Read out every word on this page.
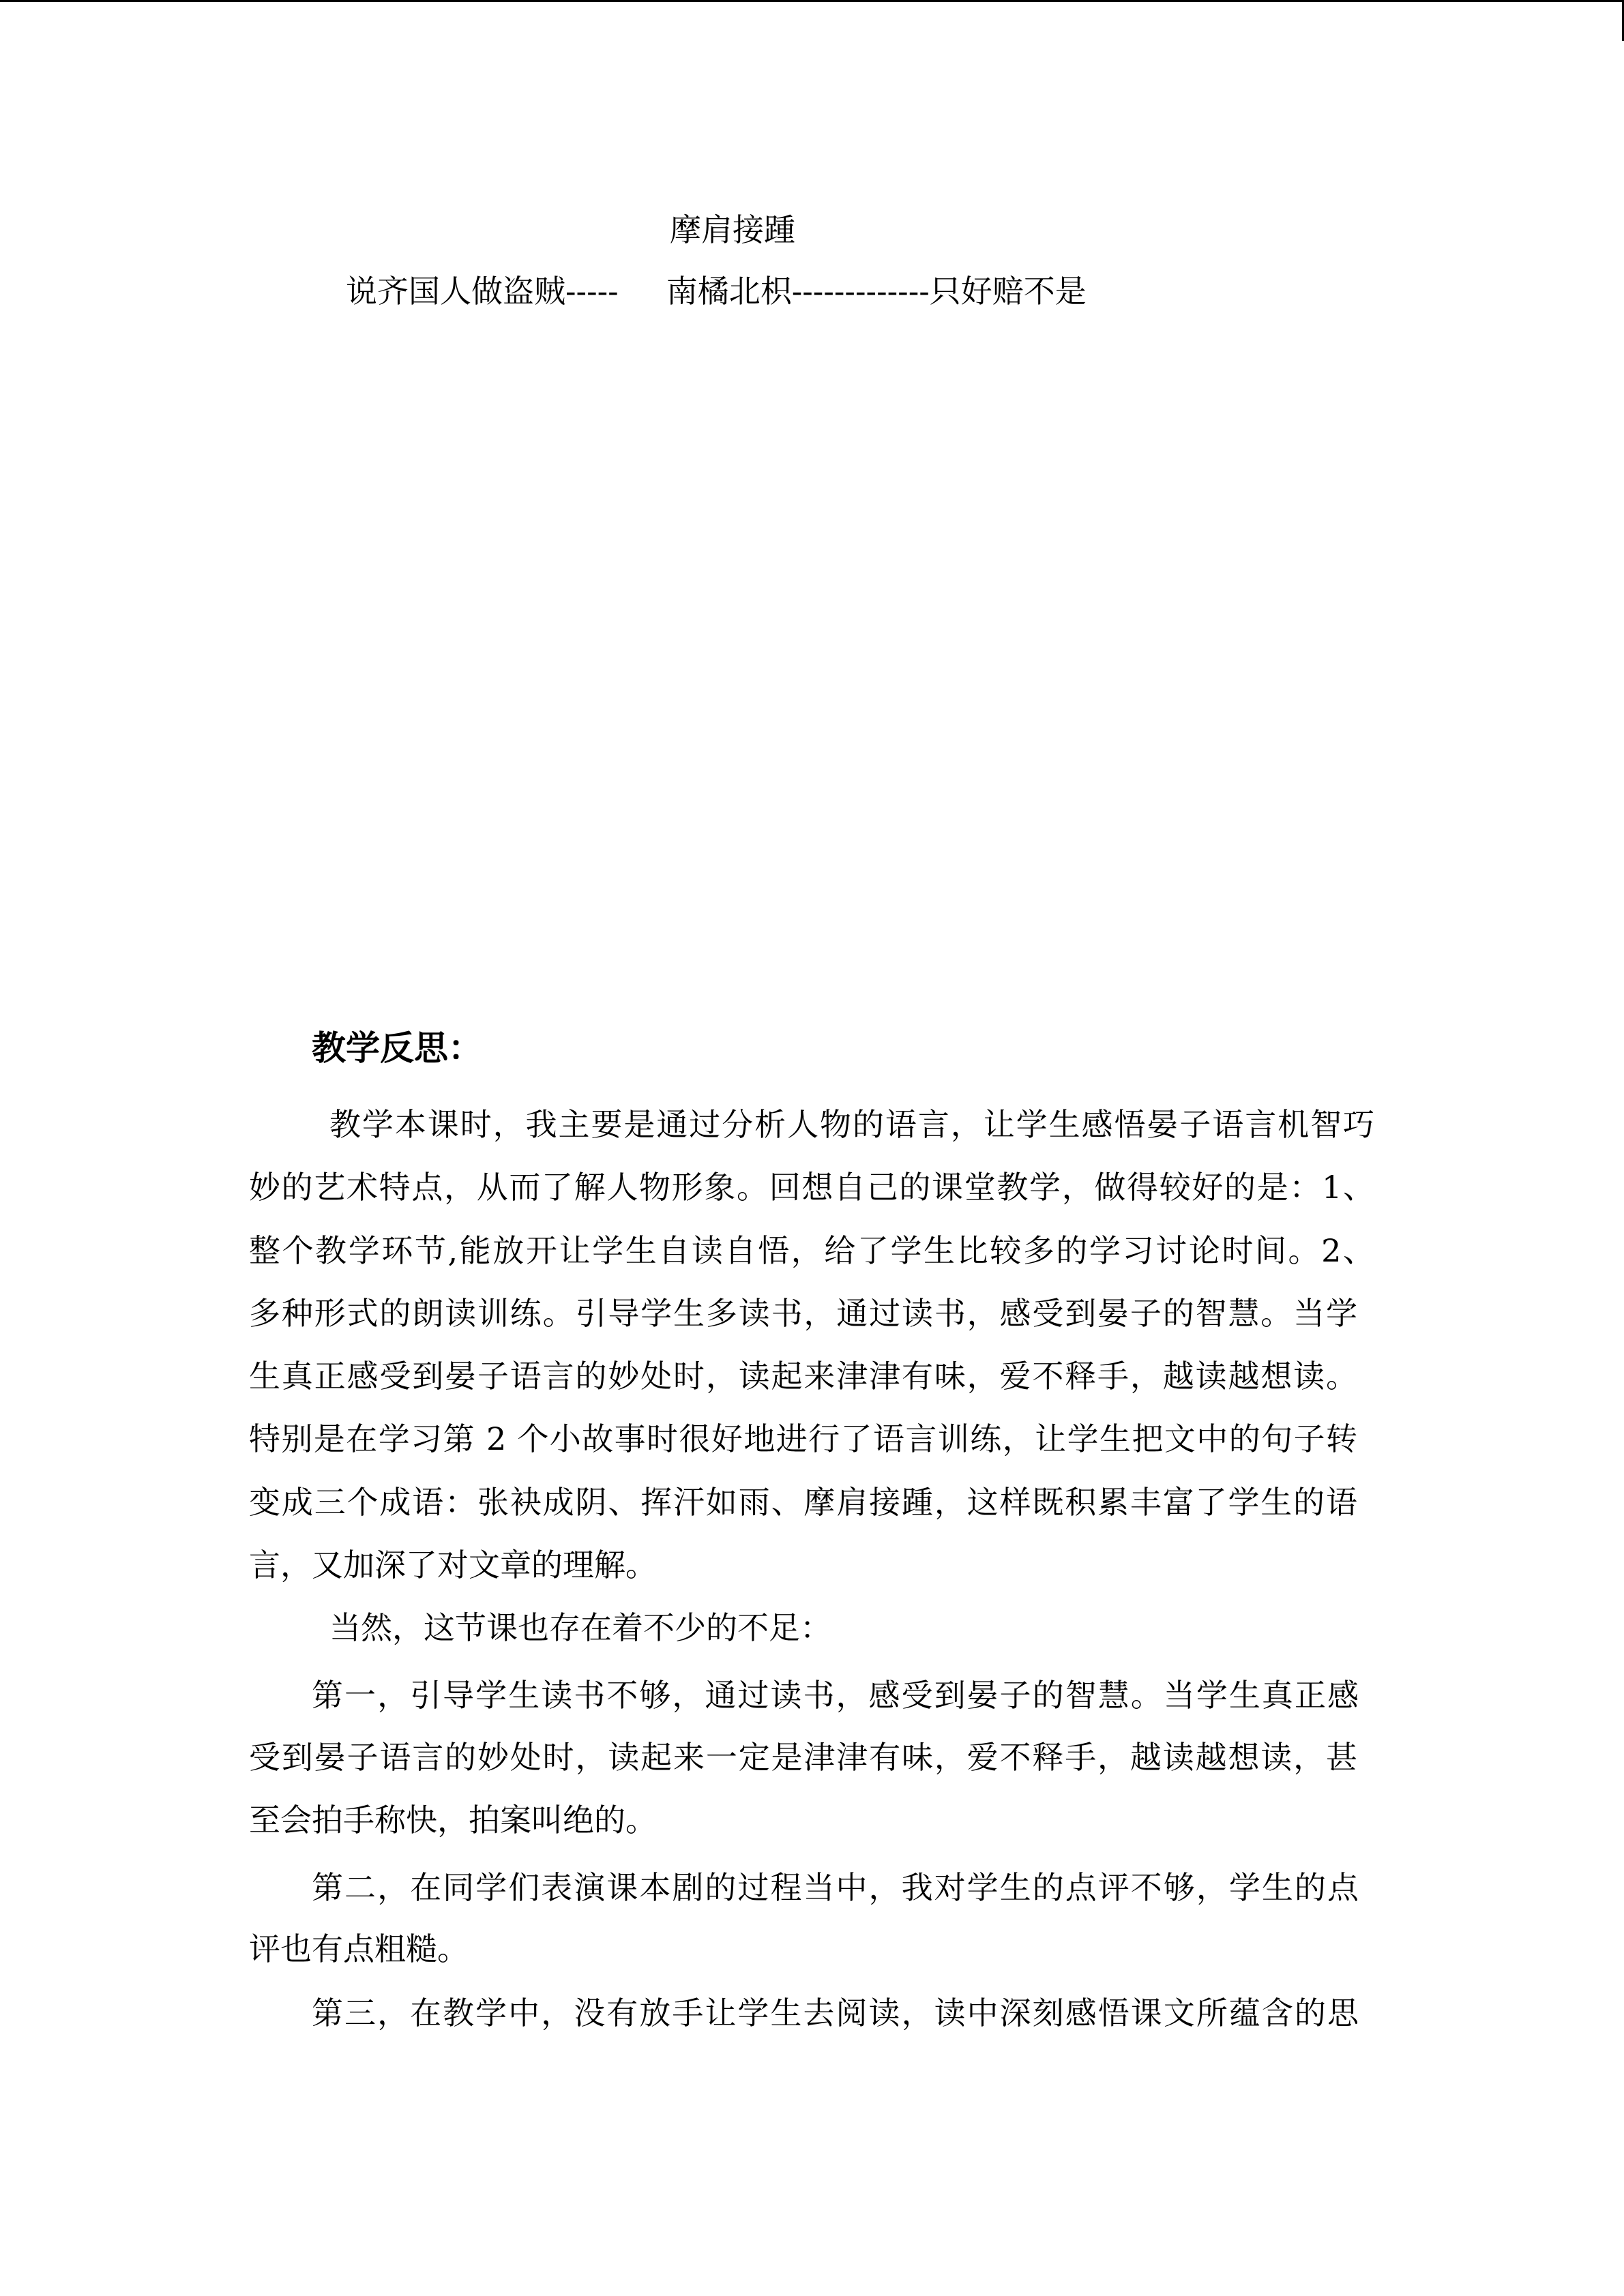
摩肩接踵
说齐国人做盗贼----- 南橘北枳-------------只好赔不是
教学反思：
教学本课时，我主要是通过分析人物的语言，让学生感悟晏子语言机智巧
妙的艺术特点，从而了解人物形象。回想自己的课堂教学，做得较好的是：1、
整个教学环节,能放开让学生自读自悟，给了学生比较多的学习讨论时间。2、
多种形式的朗读训练。引导学生多读书，通过读书，感受到晏子的智慧。当学
生真正感受到晏子语言的妙处时，读起来津津有味，爱不释手，越读越想读。
特别是在学习第 2 个小故事时很好地进行了语言训练，让学生把文中的句子转
变成三个成语：张袂成阴、挥汗如雨、摩肩接踵，这样既积累丰富了学生的语
言，又加深了对文章的理解。
当然，这节课也存在着不少的不足：
第一，引导学生读书不够，通过读书，感受到晏子的智慧。当学生真正感
受到晏子语言的妙处时，读起来一定是津津有味，爱不释手，越读越想读，甚
至会拍手称快，拍案叫绝的。
第二，在同学们表演课本剧的过程当中，我对学生的点评不够，学生的点
评也有点粗糙。
第三，在教学中，没有放手让学生去阅读，读中深刻感悟课文所蕴含的思
